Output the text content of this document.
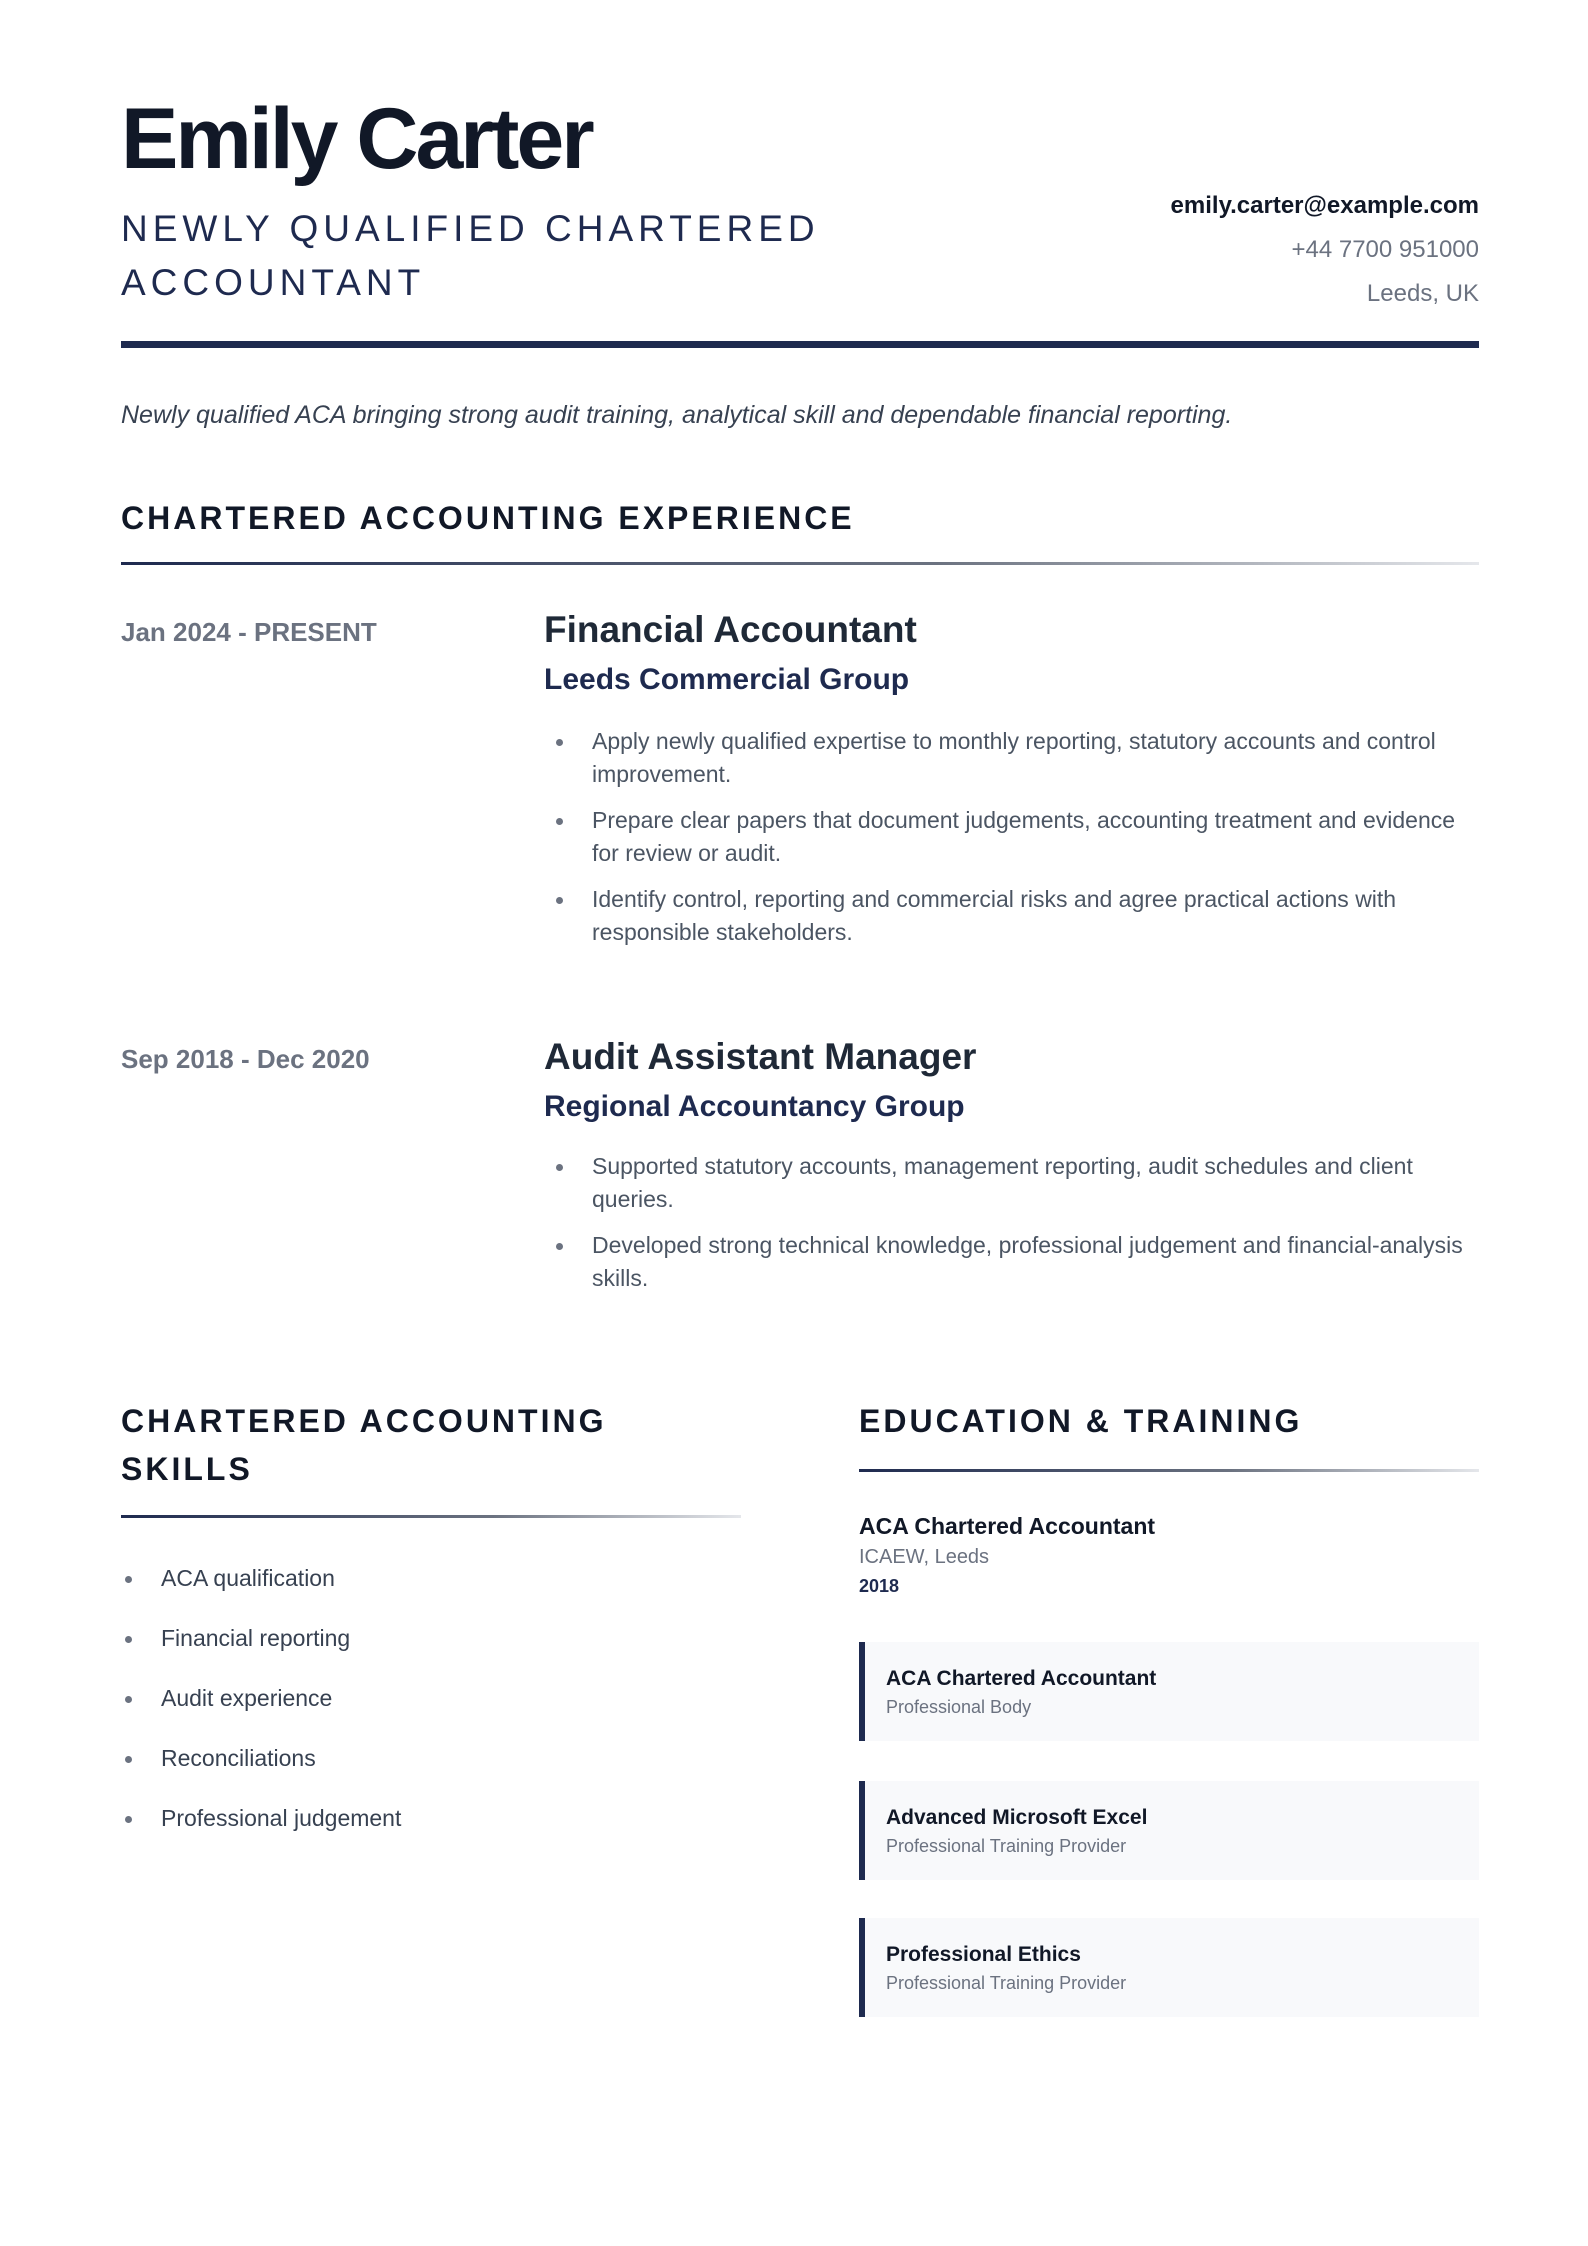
Emily Carter
NEWLY QUALIFIED CHARTERED ACCOUNTANT
emily.carter@example.com
+44 7700 951000
Leeds, UK
Newly qualified ACA bringing strong audit training, analytical skill and dependable financial reporting.
CHARTERED ACCOUNTING EXPERIENCE
Jan 2024 - PRESENT	Financial Accountant
Leeds Commercial Group
Apply newly qualified expertise to monthly reporting, statutory accounts and control improvement.
Prepare clear papers that document judgements, accounting treatment and evidence for review or audit.
Identify control, reporting and commercial risks and agree practical actions with responsible stakeholders.
Sep 2018 - Dec 2020	Audit Assistant Manager
Regional Accountancy Group
Supported statutory accounts, management reporting, audit schedules and client queries.
Developed strong technical knowledge, professional judgement and financial-analysis skills.
CHARTERED ACCOUNTING SKILLS
ACA qualification
Financial reporting
Audit experience
Reconciliations
Professional judgement
EDUCATION & TRAINING
ACA Chartered Accountant
ICAEW, Leeds
2018
ACA Chartered Accountant
Professional Body
Advanced Microsoft Excel
Professional Training Provider
Professional Ethics
Professional Training Provider
